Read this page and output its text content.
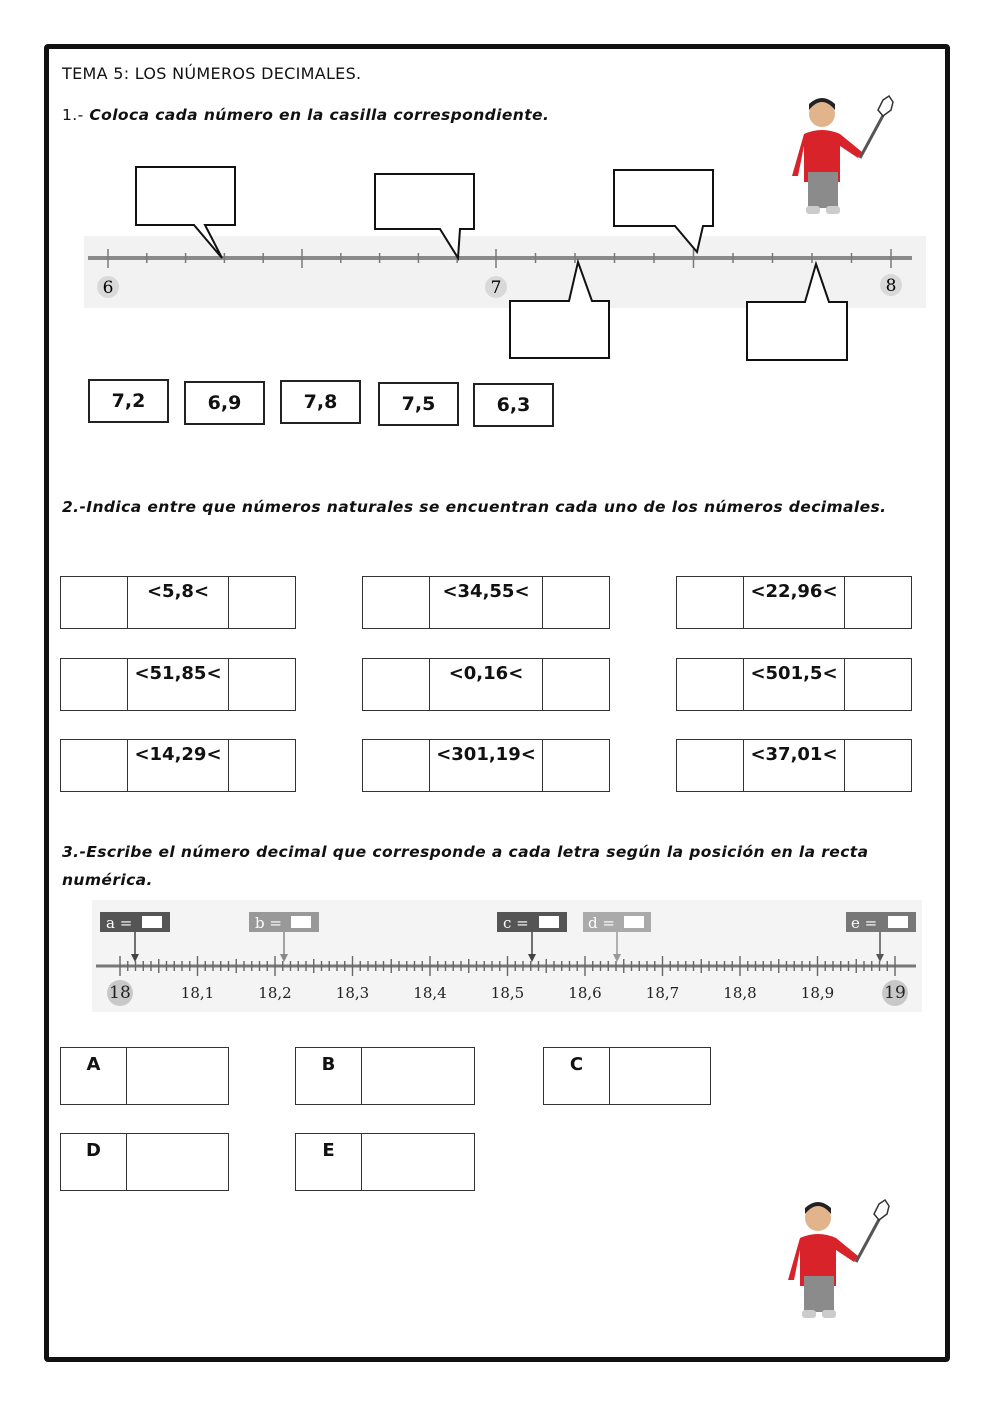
TEMA 5: LOS NÚMEROS DECIMALES.
1.- Coloca cada número en la casilla correspondiente.
6	7	8
7,2	6,9	7,8	7,5	6,3
2.-Indica entre que números naturales se encuentran cada uno de los números decimales.
<5,8<	<34,55<	<22,96<
<51,85<	<0,16<	<501,5<
<14,29<	<301,19<	<37,01<
3.-Escribe el número decimal que corresponde a cada letra según la posición en la recta numérica.
18	18,1	18,2	18,3	18,4	18,5	18,6	18,7	18,8	18,9	19
a =	b =	c =	d =	e =
A	B	C
D	E
